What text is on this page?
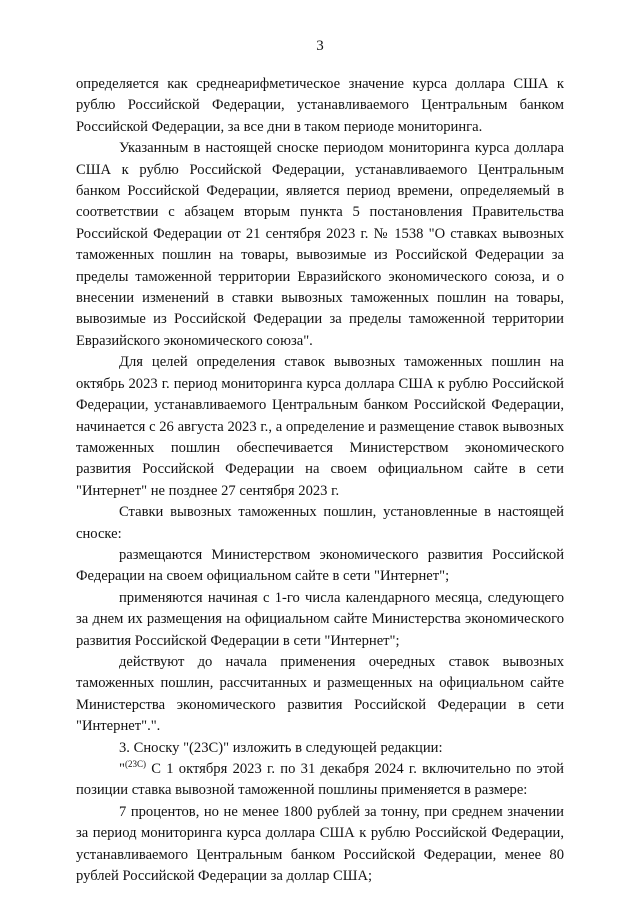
3

определяется как среднеарифметическое значение курса доллара США к рублю Российской Федерации, устанавливаемого Центральным банком Российской Федерации, за все дни в таком периоде мониторинга.

Указанным в настоящей сноске периодом мониторинга курса доллара США к рублю Российской Федерации, устанавливаемого Центральным банком Российской Федерации, является период времени, определяемый в соответствии с абзацем вторым пункта 5 постановления Правительства Российской Федерации от 21 сентября 2023 г. № 1538 "О ставках вывозных таможенных пошлин на товары, вывозимые из Российской Федерации за пределы таможенной территории Евразийского экономического союза, и о внесении изменений в ставки вывозных таможенных пошлин на товары, вывозимые из Российской Федерации за пределы таможенной территории Евразийского экономического союза".

Для целей определения ставок вывозных таможенных пошлин на октябрь 2023 г. период мониторинга курса доллара США к рублю Российской Федерации, устанавливаемого Центральным банком Российской Федерации, начинается с 26 августа 2023 г., а определение и размещение ставок вывозных таможенных пошлин обеспечивается Министерством экономического развития Российской Федерации на своем официальном сайте в сети "Интернет" не позднее 27 сентября 2023 г.

Ставки вывозных таможенных пошлин, установленные в настоящей сноске:

размещаются Министерством экономического развития Российской Федерации на своем официальном сайте в сети "Интернет";

применяются начиная с 1-го числа календарного месяца, следующего за днем их размещения на официальном сайте Министерства экономического развития Российской Федерации в сети "Интернет";

действуют до начала применения очередных ставок вывозных таможенных пошлин, рассчитанных и размещенных на официальном сайте Министерства экономического развития Российской Федерации в сети "Интернет".".

3. Сноску "(23С)" изложить в следующей редакции:

"$^{(23С)}$ С 1 октября 2023 г. по 31 декабря 2024 г. включительно по этой позиции ставка вывозной таможенной пошлины применяется в размере:

7 процентов, но не менее 1800 рублей за тонну, при среднем значении за период мониторинга курса доллара США к рублю Российской Федерации, устанавливаемого Центральным банком Российской Федерации, менее 80 рублей Российской Федерации за доллар США;
